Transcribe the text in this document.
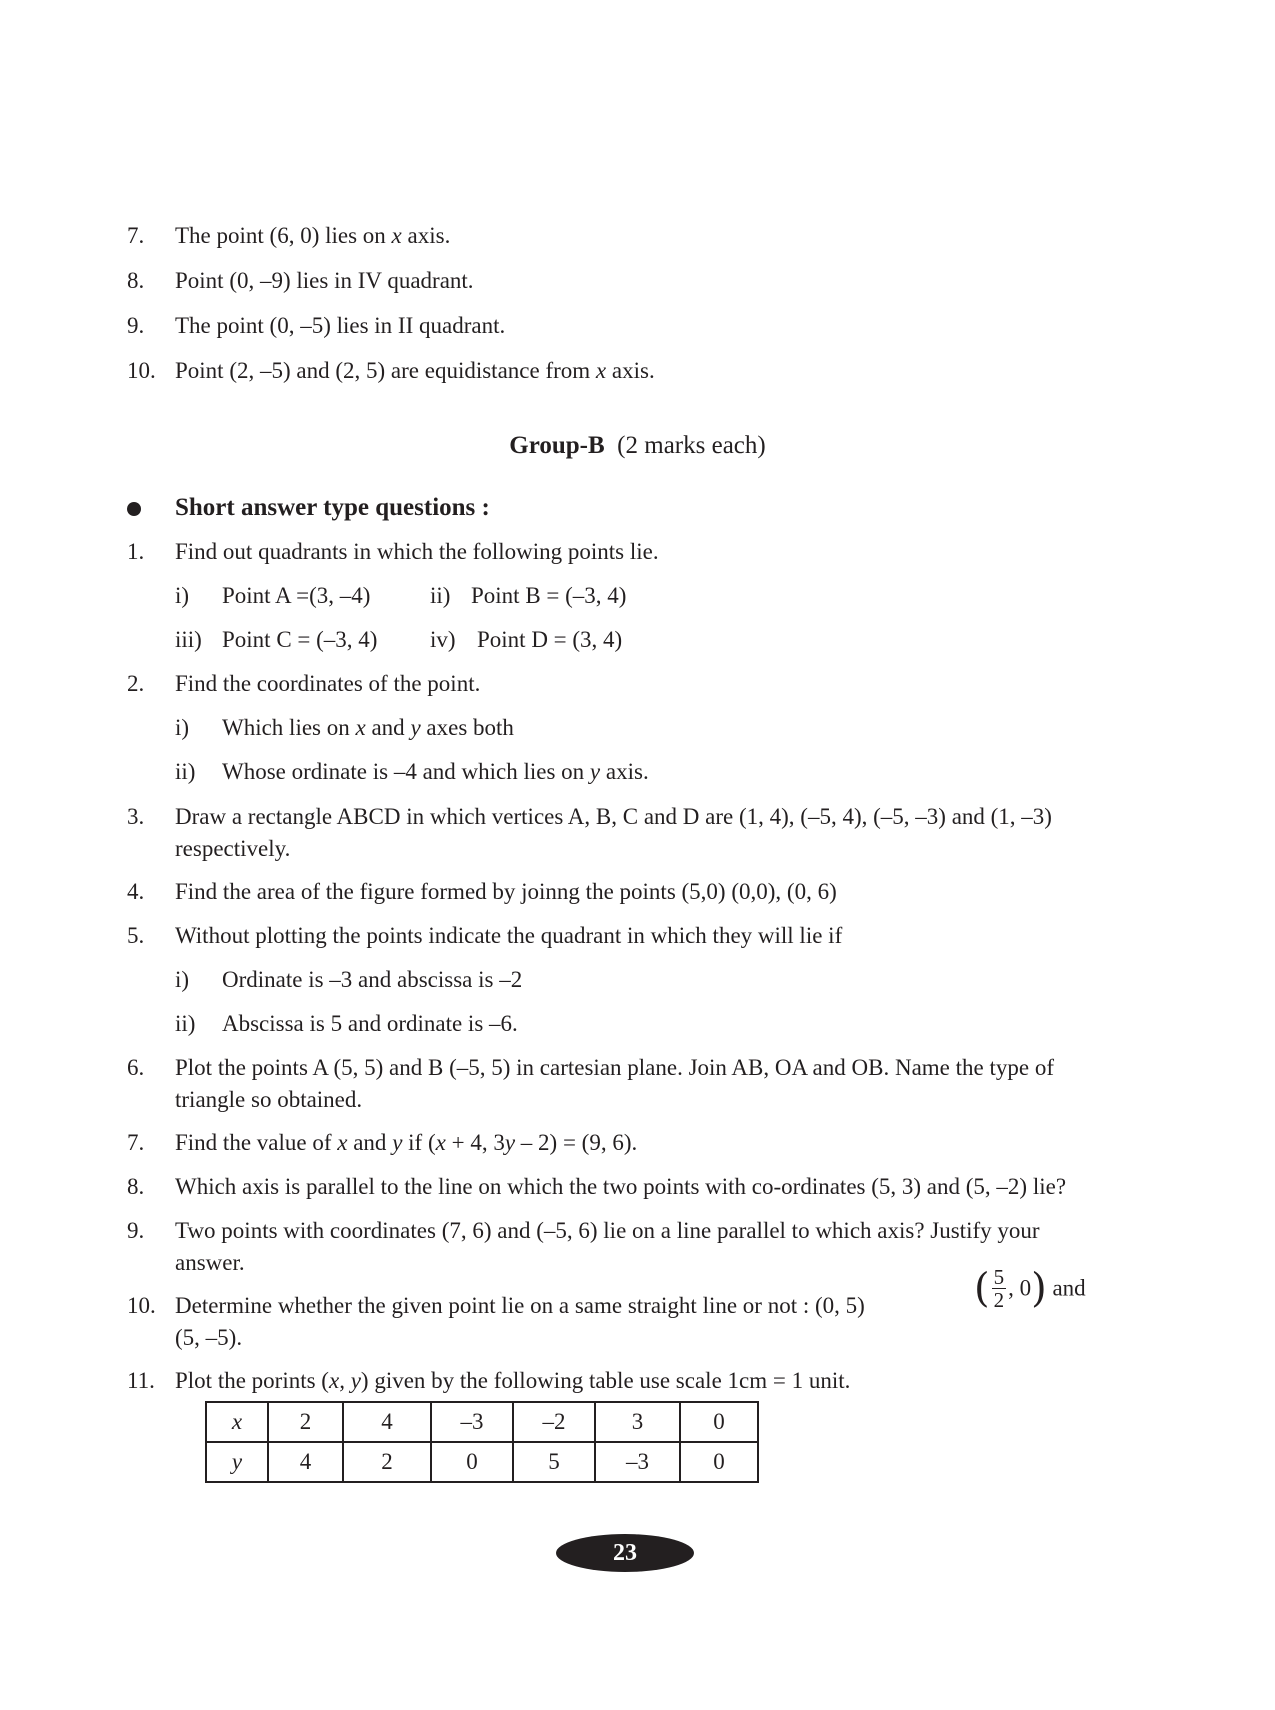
7. The point (6, 0) lies on x axis.
8. Point (0, –9) lies in IV quadrant.
9. The point (0, –5) lies in II quadrant.
10. Point (2, –5) and (2, 5) are equidistance from x axis.
Group-B (2 marks each)
Short answer type questions :
1. Find out quadrants in which the following points lie.
i) Point A =(3, –4)	ii) Point B = (–3, 4)
iii) Point C = (–3, 4) iv) Point D = (3, 4)
2. Find the coordinates of the point.
i) Which lies on x and y axes both
ii) Whose ordinate is –4 and which lies on y axis.
3. Draw a rectangle ABCD in which vertices A, B, C and D are (1, 4), (–5, 4), (–5, –3) and (1, –3)
respectively.
4. Find the area of the figure formed by joinng the points (5,0) (0,0), (0, 6)
5. Without plotting the points indicate the quadrant in which they will lie if
i) Ordinate is –3 and abscissa is –2
ii) Abscissa is 5 and ordinate is –6.
6. Plot the points A (5, 5) and B (–5, 5) in cartesian plane. Join AB, OA and OB. Name the type of
triangle so obtained.
7. Find the value of x and y if (x + 4, 3y – 2) = (9, 6).
8. Which axis is parallel to the line on which the two points with co-ordinates (5, 3) and (5, –2) lie?
9. Two points with coordinates (7, 6) and (–5, 6) lie on a line parallel to which axis? Justify your
answer.
10. Determine whether the given point lie on a same straight line or not : (0, 5)	( $\frac{5}{2}$ , 0) and
(5, –5).
11. Plot the porints (x, y) given by the following table use scale 1cm = 1 unit.
x	2	4	–3	–2	3	0
y	4	2	0	5	–3	0
23
